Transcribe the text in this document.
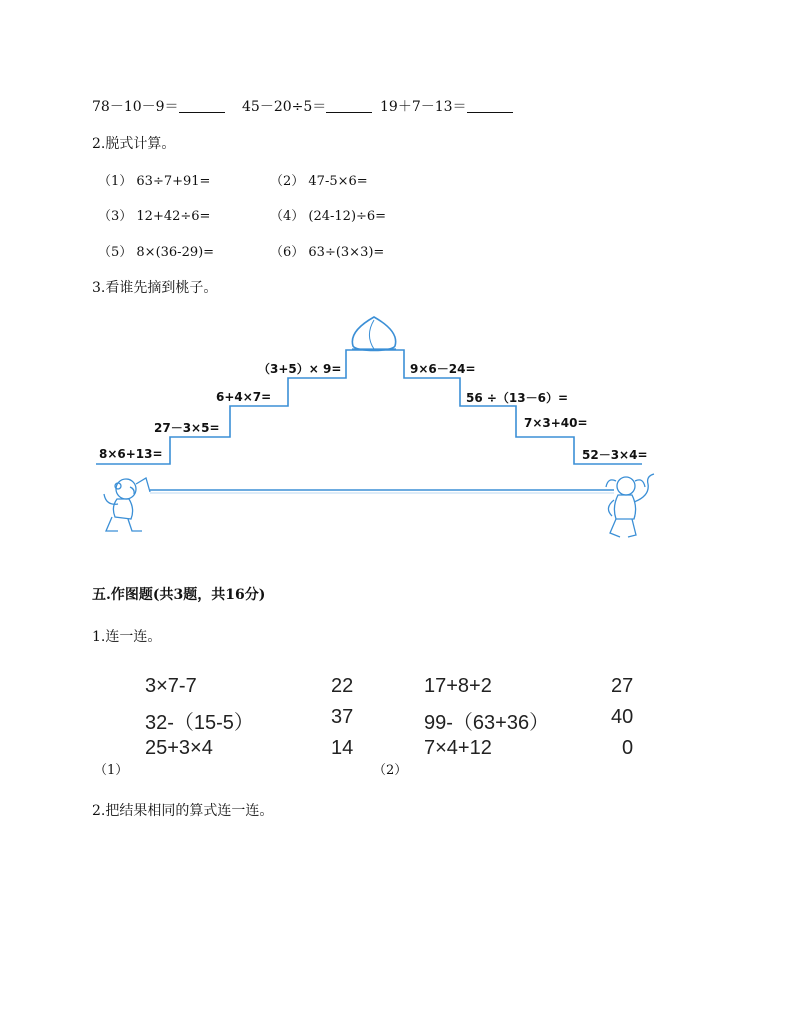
78－10－9＝	45－20÷5＝	19＋7－13＝
2.脱式计算。
（1） 63÷7+91=	（2） 47-5×6=
（3） 12+42÷6=	（4） (24-12)÷6=
（5） 8×(36-29)=	（6） 63÷(3×3)=
3.看谁先摘到桃子。
8×6+13=
27－3×5=
6+4×7=
（3+5）× 9=	9×6－24=
56 ÷（13－6）=
7×3+40=
52－3×4=
五.作图题(共3题，共16分)
1.连一连。
3×7-7
32-（15-5）
25+3×4
22
37
14
（1）
17+8+2
99-（63+36）
7×4+12
27
40
0
（2）
2.把结果相同的算式连一连。
